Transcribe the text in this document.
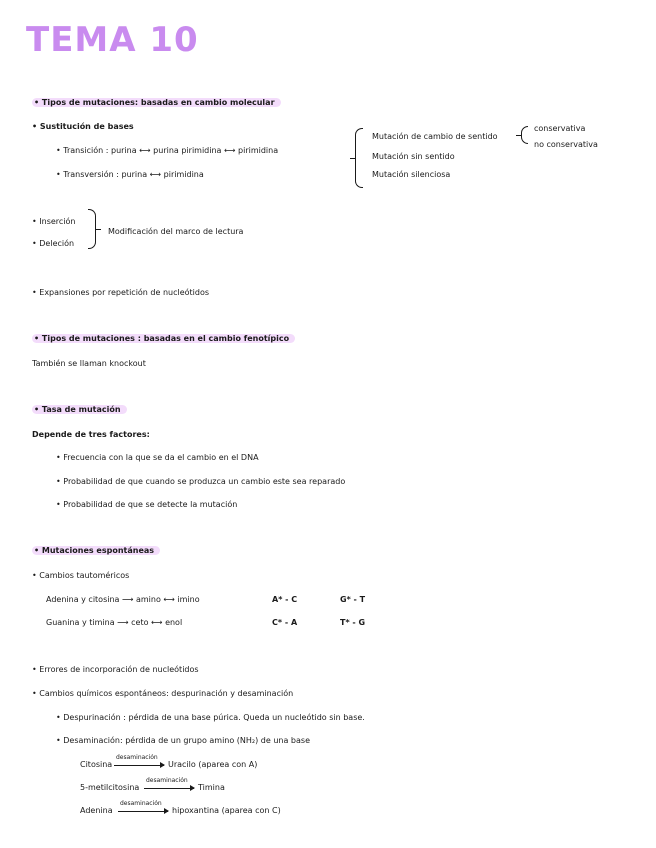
TEMA 10
• Tipos de mutaciones: basadas en cambio molecular
• Sustitución de bases
• Transición : purina ⟷ purina pirimidina ⟷ pirimidina
• Transversión : purina ⟷ pirimidina
Mutación de cambio de sentido
conservativa
no conservativa
Mutación sin sentido
Mutación silenciosa
• Inserción
• Deleción
Modificación del marco de lectura
• Expansiones por repetición de nucleótidos
• Tipos de mutaciones : basadas en el cambio fenotípico
También se llaman knockout
• Tasa de mutación
Depende de tres factores:
• Frecuencia con la que se da el cambio en el DNA
• Probabilidad de que cuando se produzca un cambio este sea reparado
• Probabilidad de que se detecte la mutación
• Mutaciones espontáneas
• Cambios tautoméricos
Adenina y citosina ⟶ amino ⟷ imino	A* - C	G* - T
Guanina y timina ⟶ ceto ⟷ enol	C* - A	T* - G
• Errores de incorporación de nucleótidos
• Cambios químicos espontáneos: despurinación y desaminación
• Despurinación : pérdida de una base púrica. Queda un nucleótido sin base.
• Desaminación: pérdida de un grupo amino (NH₂) de una base
Citosina
desaminación
→ Uracilo (aparea con A)
5-metilcitosina
desaminación
→ Timina
Adenina
desaminación
→ hipoxantina (aparea con C)
